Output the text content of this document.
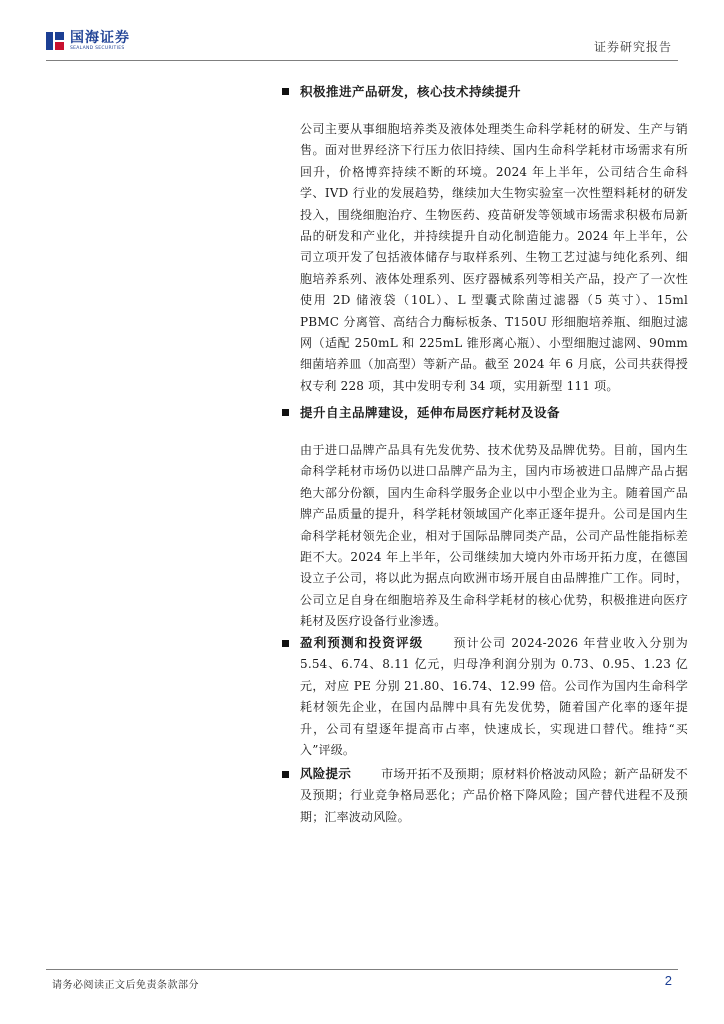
国海证券
SEALAND SECURITIES	证券研究报告
积极推进产品研发，核心技术持续提升

公司主要从事细胞培养类及液体处理类生命科学耗材的研发、生产与销售。面对世界经济下行压力依旧持续、国内生命科学耗材市场需求有所回升，价格博弈持续不断的环境。2024 年上半年，公司结合生命科学、IVD 行业的发展趋势，继续加大生物实验室一次性塑料耗材的研发投入，围绕细胞治疗、生物医药、疫苗研发等领域市场需求积极布局新品的研发和产业化，并持续提升自动化制造能力。2024 年上半年，公司立项开发了包括液体储存与取样系列、生物工艺过滤与纯化系列、细胞培养系列、液体处理系列、医疗器械系列等相关产品，投产了一次性使用 2D 储液袋（10L）、L 型囊式除菌过滤器（5 英寸）、15ml PBMC 分离管、高结合力酶标板条、T150U 形细胞培养瓶、细胞过滤网（适配 250mL 和 225mL 锥形离心瓶）、小型细胞过滤网、90mm 细菌培养皿（加高型）等新产品。截至 2024 年 6 月底，公司共获得授权专利 228 项，其中发明专利 34 项，实用新型 111 项。

提升自主品牌建设，延伸布局医疗耗材及设备

由于进口品牌产品具有先发优势、技术优势及品牌优势。目前，国内生命科学耗材市场仍以进口品牌产品为主，国内市场被进口品牌产品占据绝大部分份额，国内生命科学服务企业以中小型企业为主。随着国产品牌产品质量的提升，科学耗材领域国产化率正逐年提升。公司是国内生命科学耗材领先企业，相对于国际品牌同类产品，公司产品性能指标差距不大。2024 年上半年，公司继续加大境内外市场开拓力度，在德国设立子公司，将以此为据点向欧洲市场开展自由品牌推广工作。同时，公司立足自身在细胞培养及生命科学耗材的核心优势，积极推进向医疗耗材及医疗设备行业渗透。

盈利预测和投资评级	预计公司 2024-2026 年营业收入分别为 5.54、6.74、8.11 亿元，归母净利润分别为 0.73、0.95、1.23 亿元，对应 PE 分别 21.80、16.74、12.99 倍。公司作为国内生命科学耗材领先企业，在国内品牌中具有先发优势，随着国产化率的逐年提升，公司有望逐年提高市占率，快速成长，实现进口替代。维持“买入”评级。

风险提示	市场开拓不及预期；原材料价格波动风险；新产品研发不及预期；行业竞争格局恶化；产品价格下降风险；国产替代进程不及预期；汇率波动风险。

请务必阅读正文后免责条款部分	2
